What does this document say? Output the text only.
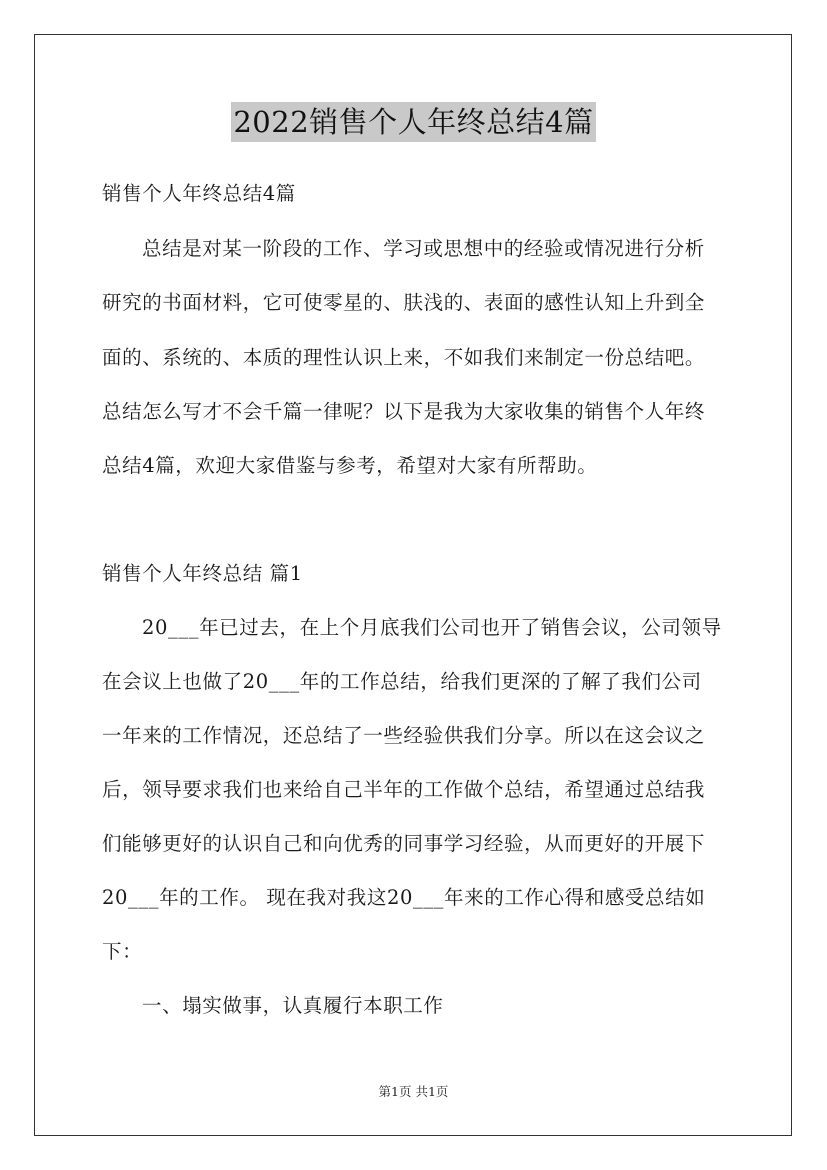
2022销售个人年终总结4篇
销售个人年终总结4篇
总结是对某一阶段的工作、学习或思想中的经验或情况进行分析
研究的书面材料，它可使零星的、肤浅的、表面的感性认知上升到全
面的、系统的、本质的理性认识上来，不如我们来制定一份总结吧。
总结怎么写才不会千篇一律呢？以下是我为大家收集的销售个人年终
总结4篇，欢迎大家借鉴与参考，希望对大家有所帮助。
销售个人年终总结 篇1
20___年已过去，在上个月底我们公司也开了销售会议，公司领导
在会议上也做了20___年的工作总结，给我们更深的了解了我们公司
一年来的工作情况，还总结了一些经验供我们分享。所以在这会议之
后，领导要求我们也来给自己半年的工作做个总结，希望通过总结我
们能够更好的认识自己和向优秀的同事学习经验，从而更好的开展下
20___年的工作。 现在我对我这20___年来的工作心得和感受总结如
下：
一、塌实做事，认真履行本职工作
第1页 共1页
